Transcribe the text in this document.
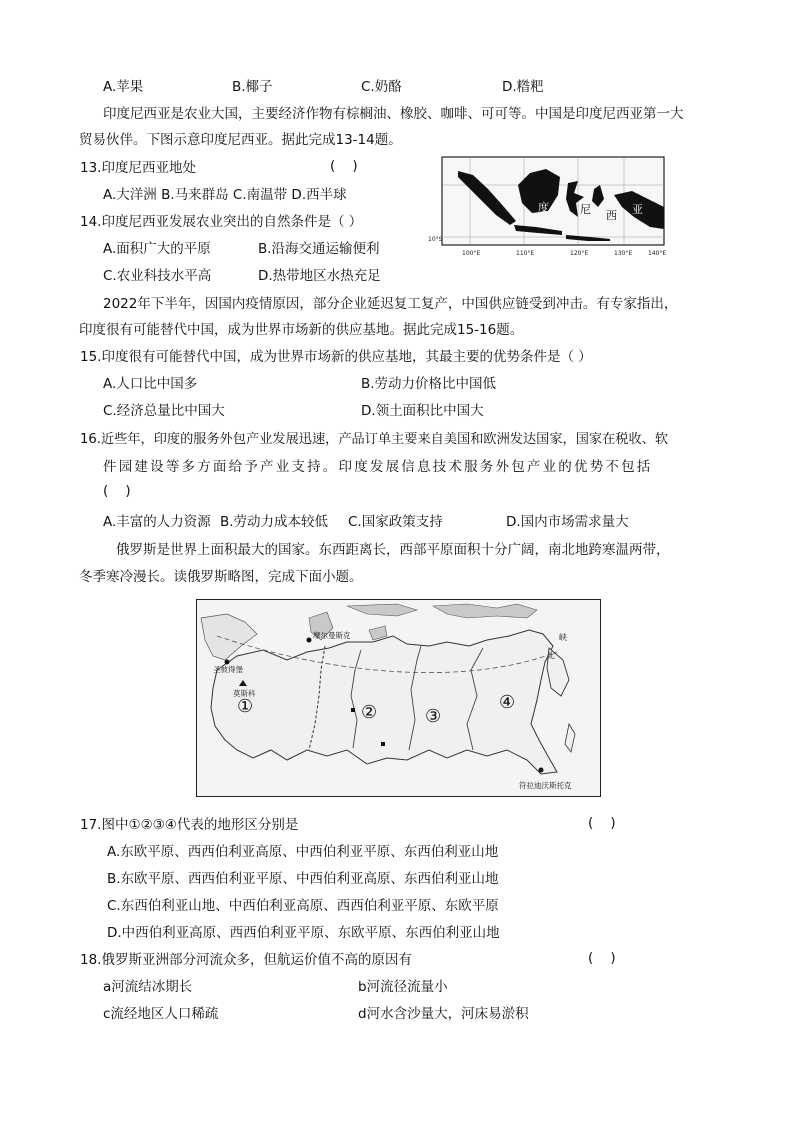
A.苹果	B.椰子	C.奶酪	D.糌粑
印度尼西亚是农业大国，主要经济作物有棕榈油、橡胶、咖啡、可可等。中国是印度尼西亚第一大
贸易伙伴。下图示意印度尼西亚。据此完成13-14题。
13.印度尼西亚地处	(    )
A.大洋洲 B.马来群岛 C.南温带 D.西半球
14.印度尼西亚发展农业突出的自然条件是（ ）
A.面积广大的平原	B.沿海交通运输便利
C.农业科技水平高	D.热带地区水热充足
度	尼 西 亚
10°S
100°E	110°E	120°E	130°E	140°E
2022年下半年，因国内疫情原因，部分企业延迟复工复产，中国供应链受到冲击。有专家指出，
印度很有可能替代中国，成为世界市场新的供应基地。据此完成15-16题。
15.印度很有可能替代中国，成为世界市场新的供应基地，其最主要的优势条件是（ ）
A.人口比中国多	B.劳动力价格比中国低
C.经济总量比中国大	D.领土面积比中国大
16.近些年，印度的服务外包产业发展迅速，产品订单主要来自美国和欧洲发达国家，国家在税收、软
件园建设等多方面给予产业支持。印度发展信息技术服务外包产业的优势不包括
(    )
A.丰富的人力资源 B.劳动力成本较低 C.国家政策支持	D.国内市场需求量大
俄罗斯是世界上面积最大的国家。东西距离长，西部平原面积十分广阔，南北地跨寒温两带，
冬季寒冷漫长。读俄罗斯略图，完成下面小题。
①	②	③
④
摩尔曼斯克
圣彼得堡
莫斯科
北
峡
符拉迪沃斯托克
17.图中①②③④代表的地形区分别是	(    )
A.东欧平原、西西伯利亚高原、中西伯利亚平原、东西伯利亚山地
B.东欧平原、西西伯利亚平原、中西伯利亚高原、东西伯利亚山地
C.东西伯利亚山地、中西伯利亚高原、西西伯利亚平原、东欧平原
D.中西伯利亚高原、西西伯利亚平原、东欧平原、东西伯利亚山地
18.俄罗斯亚洲部分河流众多，但航运价值不高的原因有	(    )
a河流结冰期长	b河流径流量小
c流经地区人口稀疏	d河水含沙量大，河床易淤积
